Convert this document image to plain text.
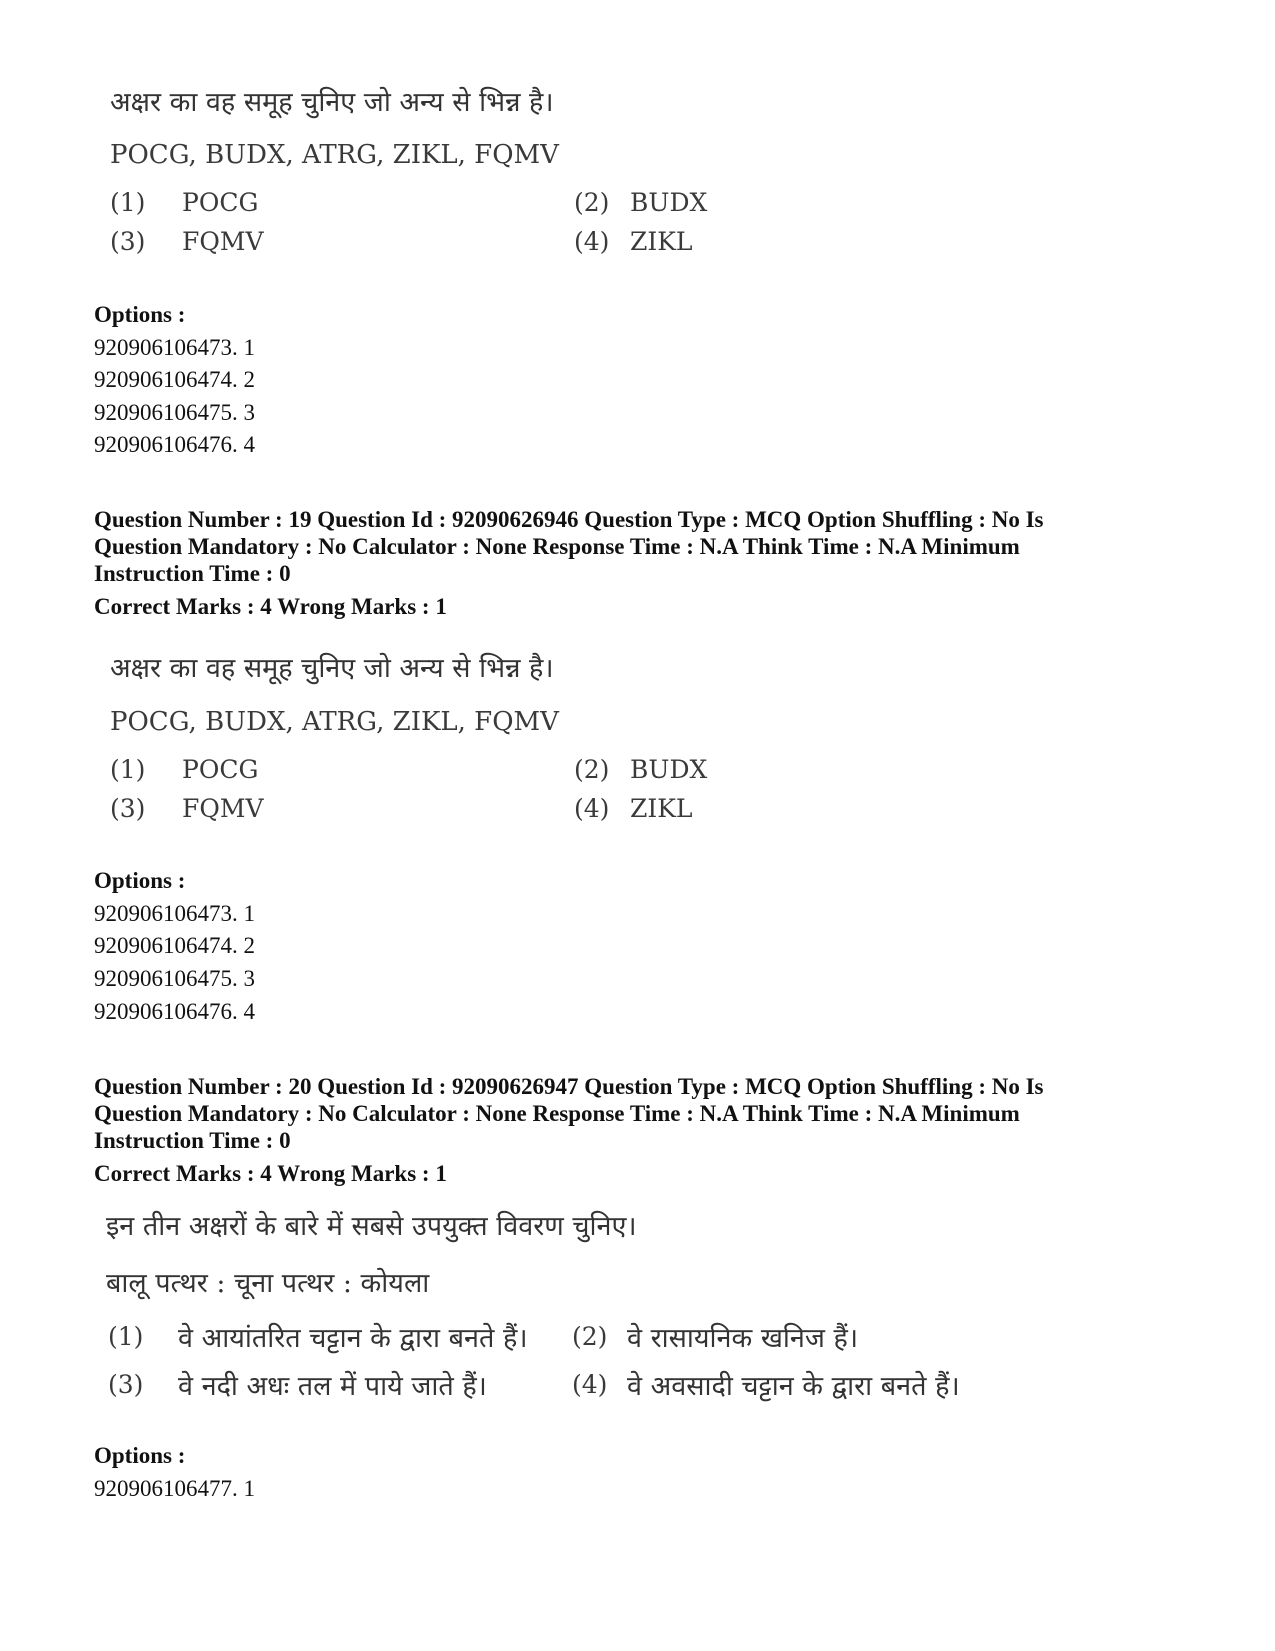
अक्षर का वह समूह चुनिए जो अन्य से भिन्न है।
POCG, BUDX, ATRG, ZIKL, FQMV
(1) POCG	(2) BUDX
(3) FQMV	(4) ZIKL
Options :
920906106473. 1
920906106474. 2
920906106475. 3
920906106476. 4
Question Number : 19 Question Id : 92090626946 Question Type : MCQ Option Shuffling : No Is
Question Mandatory : No Calculator : None Response Time : N.A Think Time : N.A Minimum
Instruction Time : 0
Correct Marks : 4 Wrong Marks : 1
अक्षर का वह समूह चुनिए जो अन्य से भिन्न है।
POCG, BUDX, ATRG, ZIKL, FQMV
(1) POCG	(2) BUDX
(3) FQMV	(4) ZIKL
Options :
920906106473. 1
920906106474. 2
920906106475. 3
920906106476. 4
Question Number : 20 Question Id : 92090626947 Question Type : MCQ Option Shuffling : No Is
Question Mandatory : No Calculator : None Response Time : N.A Think Time : N.A Minimum
Instruction Time : 0
Correct Marks : 4 Wrong Marks : 1
इन तीन अक्षरों के बारे में सबसे उपयुक्त विवरण चुनिए।
बालू पत्थर : चूना पत्थर : कोयला
(1) वे आयांतरित चट्टान के द्वारा बनते हैं। (2) वे रासायनिक खनिज हैं।
(3) वे नदी अधः तल में पाये जाते हैं।	(4) वे अवसादी चट्टान के द्वारा बनते हैं।
Options :
920906106477. 1
